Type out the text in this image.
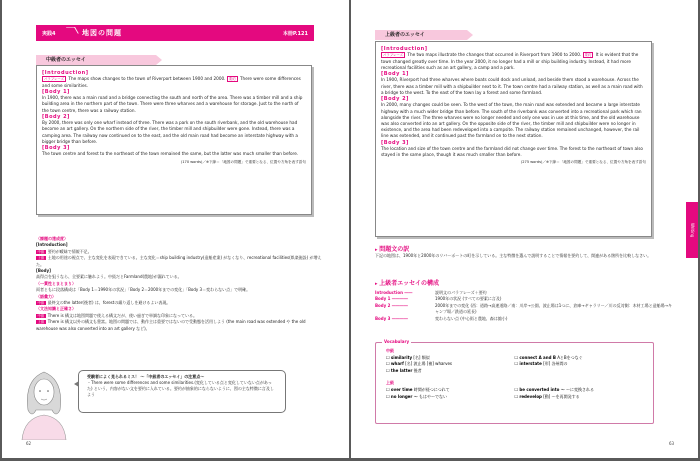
実践4	地図の問題	本冊P.121
中級者のエッセイ
[Introduction]
パラフレーズ The maps show changes to the town of Riverport between 1900 and 2000. 要約 There were some differences and some similarities.
[Body 1]
In 1900, there was a main road and a bridge connecting the south and north of the area. There was a timber mill and a ship building area in the northern part of the town. There were three wharves and a warehouse for storage. Just to the north of the town centre, there was a railway station.
[Body 2]
By 2000, there was only one wharf instead of three. There was a park on the south riverbank, and the old warehouse had become an art gallery. On the northern side of the river, the timber mill and shipbuilder were gone. Instead, there was a camping area. The railway now continued on to the east, and the old main road had become an interstate highway with a bigger bridge than before.
[Body 3]
The town centre and forest to the northeast of the town remained the same, but the latter was much smaller than before.
(170 words)／※下線＝「地図の問題」で重要となる、位置や方角を表す語句
〈課題の達成度〉
[Introduction]
中級 要約が曖昧で情報不足。
上級 土地の用途の視点で、主な変化を表現できている。主な変化＝ship building industry(造船産業) がなくなり、recreational facilities(娯楽施設) が増えた。
[Body]
高得点を狙うなら、全要素に触れよう。中級だとFarmland(農地)が漏れている。
〈一貫性とまとまり〉
両者ともに段落構成は「Body 1＝1990年の状況」「Body 2＝2000年までの変化」「Body 3＝変わらない点」で明確。
〈語彙力〉
中級 最終文のthe latter(後者) は、forestの繰り返しを避けるよい表現。
〈文法知識と正確さ〉
中級 There is 構文は地図問題で使える構文だが、使い過ぎで単調な印象になっている。
上級 There is 構文以外の構文も豊富。地図の問題では、動作主は重要ではないので受動態を活用しよう (the main road was extended や the old warehouse was also converted into an art gallery など)。
受験者によく見られるミス！ ～「中級者のエッセイ」の注意点～
・There were some differences and some similarities.(変化している点と変化していない点があった) という、内容がない文を要約に入れている。要約が抽象的にならないように、図の主な特徴に言及しよう
62
上級者のエッセイ
[Introduction]
パラフレーズ The two maps illustrate the changes that occurred in Riverport from 1900 to 2000. 要約 It is evident that the town changed greatly over time. In the year 2000, it no longer had a mill or ship building industry. Instead, it had more recreational facilities such as an art gallery, a camp and a park.
[Body 1]
In 1900, Riverport had three wharves where boats could dock and unload, and beside them stood a warehouse. Across the river, there was a timber mill with a shipbuilder next to it. The town centre had a railway station, as well as a main road with a bridge to the west. To the east of the town lay a forest and some farmland.
[Body 2]
In 2000, many changes could be seen. To the west of the town, the main road was extended and became a large interstate highway with a much wider bridge than before. The south of the riverbank was converted into a recreational park which ran alongside the river. The three wharves were no longer needed and only one was in use at this time, and the old warehouse was also converted into an art gallery. On the opposite side of the river, the timber mill and shipbuilder were no longer in existence, and the area had been redeveloped into a campsite. The railway station remained unchanged, however, the rail line was extended, and it continued past the farmland on to the next station.
[Body 3]
The location and size of the town centre and the farmland did not change over time. The forest to the northeast of town also stayed in the same place, though it was much smaller than before.
(275 words)／※下線＝「地図の問題」で重要となる、位置や方角を表す語句
▸ 問題文の訳
下記の地図は、1900年と2000年のリバーポートの町を示している。主な特徴を選んで説明することで情報を要約して、関連がある箇所を比較しなさい。
▸ 上級者エッセイの構成
Introduction ――	説明文のパラフレーズ＋要約
Body 1 ――――	1900年の状況 (すべての要素に言及)
Body 2 ――――	2000年までの変化 (西：道路→高速道路／南：川岸→公園、波止場は1つに、倉庫→ギャラリー／川の反対側：木材工場と造船場→キャンプ場／鉄道の延長)
Body 3 ――――	変わらない点 (中心街と農地、森は縮小)
Vocabulary
中級
☐ similarity [名] 類似	☐ connect A and B AとBをつなぐ
☐ wharf [名] 波止場 [複] wharves	☐ interstate [形] 各州間の
☐ the latter 後者
上級
☐ over time 時間が経つにつれて	☐ be converted into ～ ～に変換される
☐ no longer ～ もはや～でない	☐ redevelop [動] ～を再開発する
Writing
63
